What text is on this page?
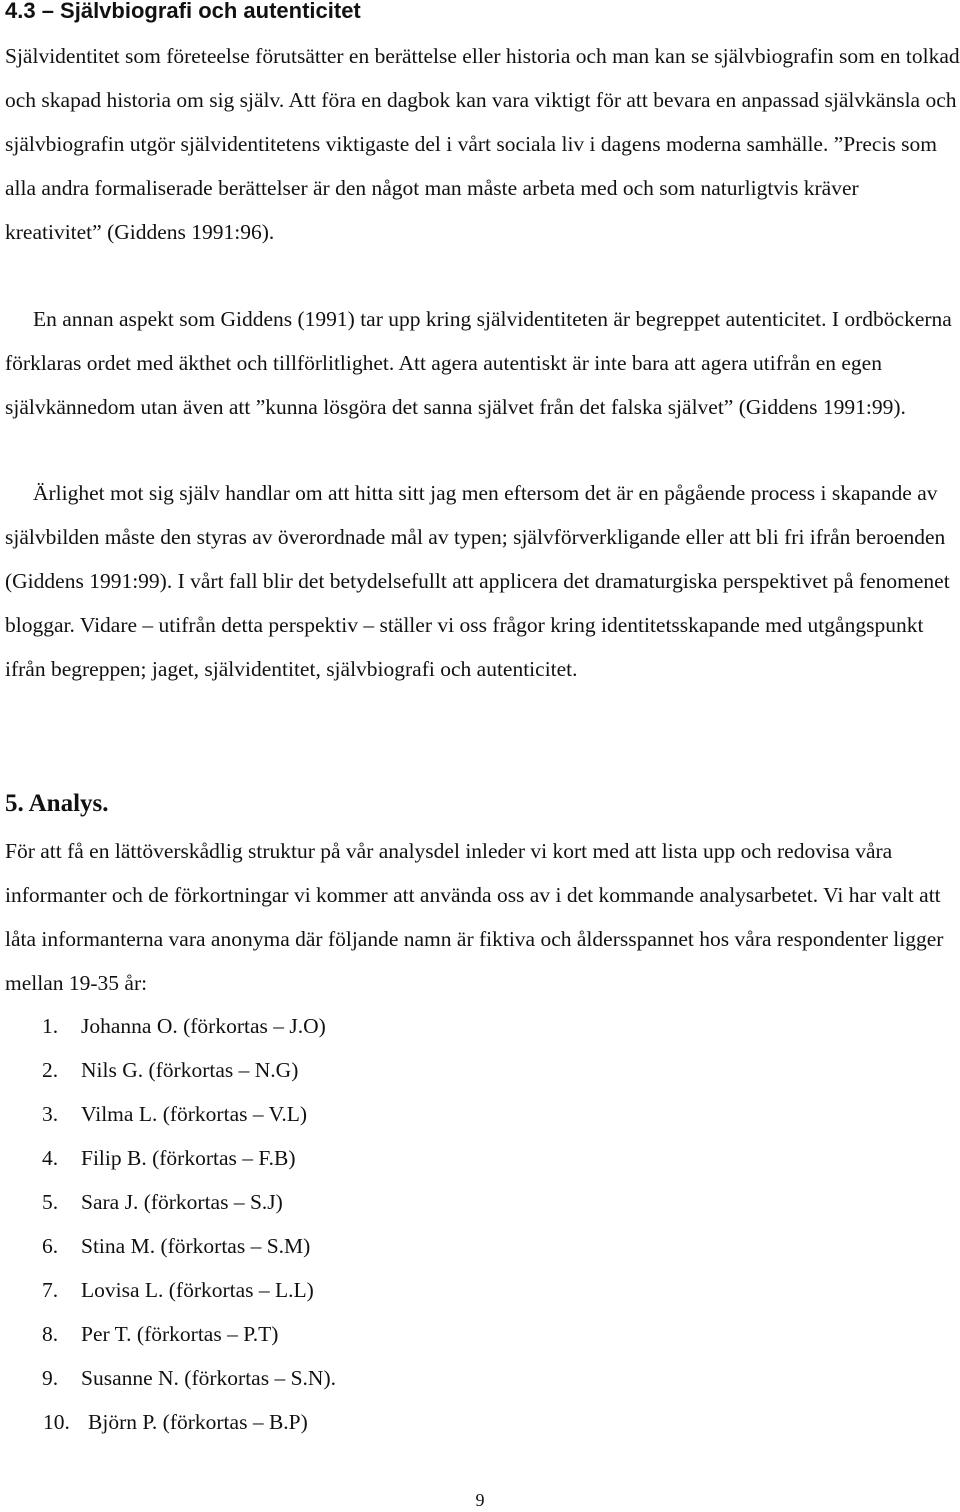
4.3 – Självbiografi och autenticitet

Självidentitet som företeelse förutsätter en berättelse eller historia och man kan se självbiografin som en tolkad och skapad historia om sig själv. Att föra en dagbok kan vara viktigt för att bevara en anpassad självkänsla och självbiografin utgör självidentitetens viktigaste del i vårt sociala liv i dagens moderna samhälle. ”Precis som alla andra formaliserade berättelser är den något man måste arbeta med och som naturligtvis kräver kreativitet” (Giddens 1991:96).

En annan aspekt som Giddens (1991) tar upp kring självidentiteten är begreppet autenticitet. I ordböckerna förklaras ordet med äkthet och tillförlitlighet. Att agera autentiskt är inte bara att agera utifrån en egen självkännedom utan även att ”kunna lösgöra det sanna självet från det falska självet” (Giddens 1991:99).

Ärlighet mot sig själv handlar om att hitta sitt jag men eftersom det är en pågående process i skapande av självbilden måste den styras av överordnade mål av typen; självförverkligande eller att bli fri ifrån beroenden (Giddens 1991:99). I vårt fall blir det betydelsefullt att applicera det dramaturgiska perspektivet på fenomenet bloggar. Vidare – utifrån detta perspektiv – ställer vi oss frågor kring identitetsskapande med utgångspunkt ifrån begreppen; jaget, självidentitet, självbiografi och autenticitet.

5. Analys.

För att få en lättöverskådlig struktur på vår analysdel inleder vi kort med att lista upp och redovisa våra informanter och de förkortningar vi kommer att använda oss av i det kommande analysarbetet. Vi har valt att låta informanterna vara anonyma där följande namn är fiktiva och åldersspannet hos våra respondenter ligger mellan 19-35 år:

1. Johanna O. (förkortas – J.O)
2. Nils G. (förkortas – N.G)
3. Vilma L. (förkortas – V.L)
4. Filip B. (förkortas – F.B)
5. Sara J. (förkortas – S.J)
6. Stina M. (förkortas – S.M)
7. Lovisa L. (förkortas – L.L)
8. Per T. (förkortas – P.T)
9. Susanne N. (förkortas – S.N).
10. Björn P. (förkortas – B.P)
9
